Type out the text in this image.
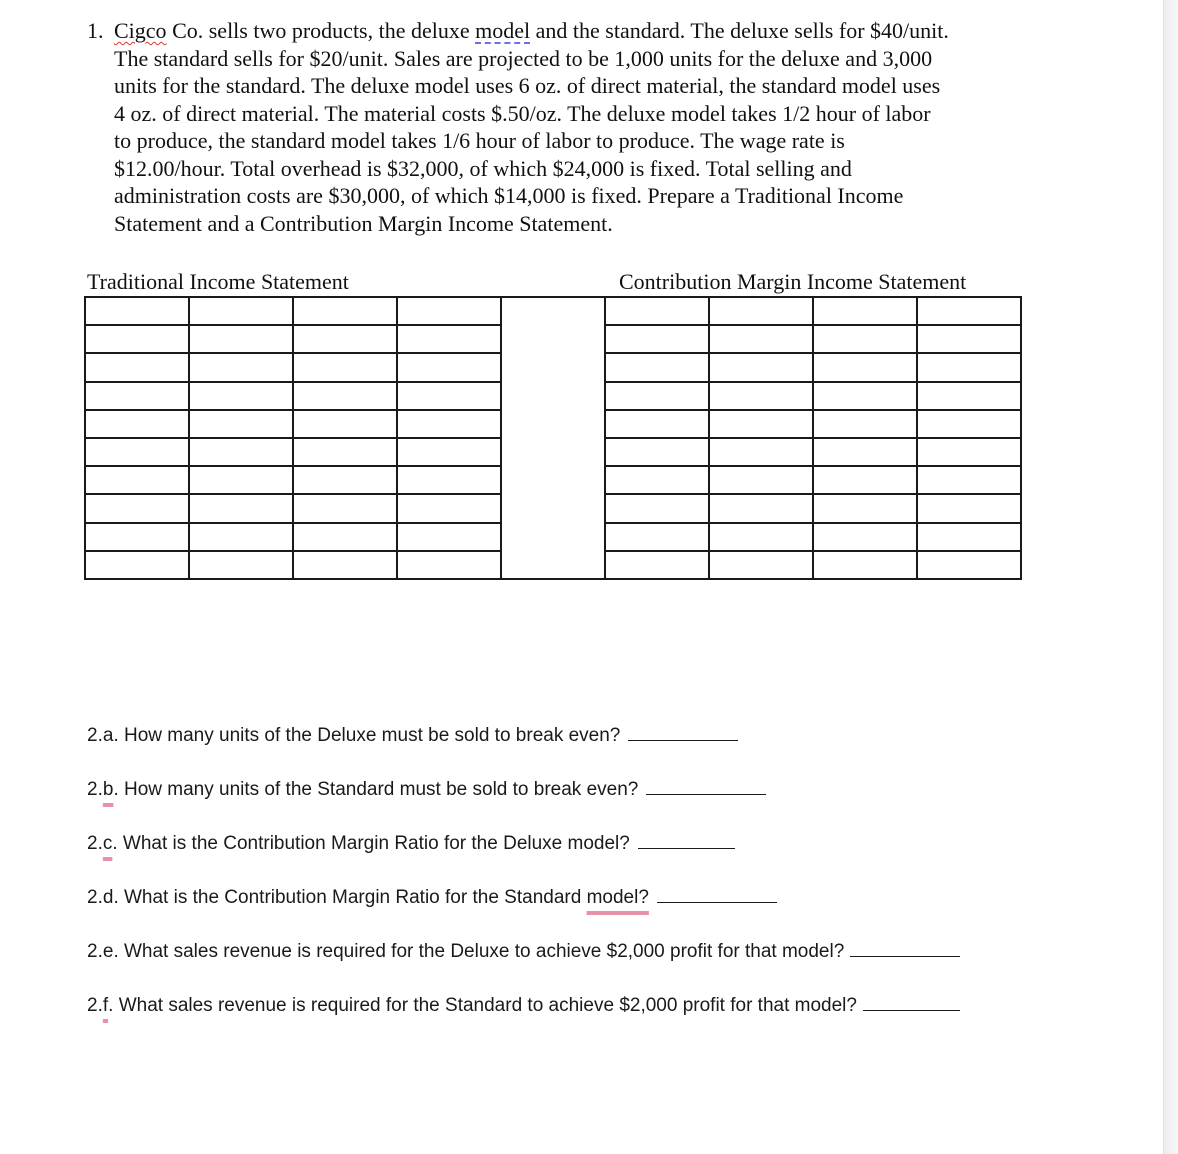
1. Cigco Co. sells two products, the deluxe model and the standard. The deluxe sells for $40/unit.
The standard sells for $20/unit. Sales are projected to be 1,000 units for the deluxe and 3,000
units for the standard. The deluxe model uses 6 oz. of direct material, the standard model uses
4 oz. of direct material. The material costs $.50/oz. The deluxe model takes 1/2 hour of labor
to produce, the standard model takes 1/6 hour of labor to produce. The wage rate is
$12.00/hour. Total overhead is $32,000, of which $24,000 is fixed. Total selling and
administration costs are $30,000, of which $14,000 is fixed. Prepare a Traditional Income
Statement and a Contribution Margin Income Statement.
Traditional Income Statement	Contribution Margin Income Statement

2.a. How many units of the Deluxe must be sold to break even?
2.b. How many units of the Standard must be sold to break even?
2.c. What is the Contribution Margin Ratio for the Deluxe model?
2.d. What is the Contribution Margin Ratio for the Standard model?
2.e. What sales revenue is required for the Deluxe to achieve $2,000 profit for that model?
2.f. What sales revenue is required for the Standard to achieve $2,000 profit for that model?
